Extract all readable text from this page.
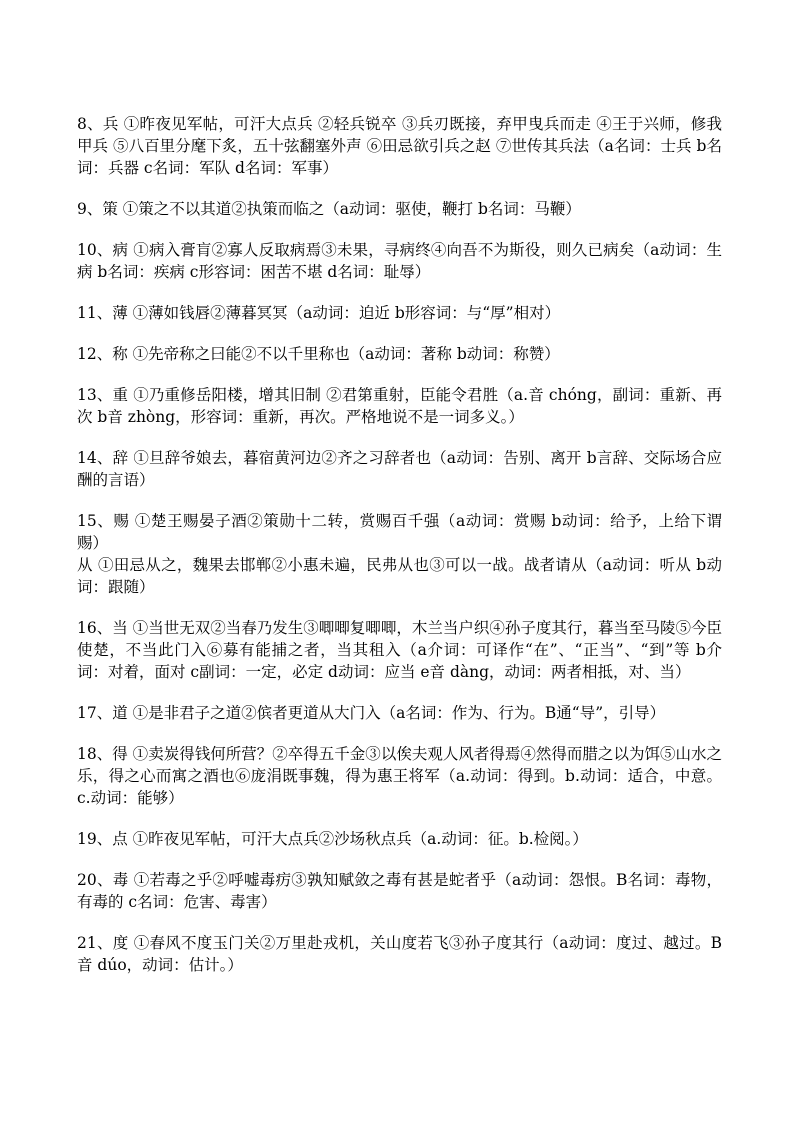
8、兵 ①昨夜见军帖，可汗大点兵 ②轻兵锐卒 ③兵刃既接，弃甲曳兵而走 ④王于兴师，修我甲兵 ⑤八百里分麾下炙，五十弦翻塞外声 ⑥田忌欲引兵之赵 ⑦世传其兵法（a名词：士兵 b名词：兵器 c名词：军队 d名词：军事）

9、策 ①策之不以其道②执策而临之（a动词：驱使，鞭打 b名词：马鞭）

10、病 ①病入膏肓②寡人反取病焉③未果，寻病终④向吾不为斯役，则久已病矣（a动词：生病 b名词：疾病 c形容词：困苦不堪 d名词：耻辱）

11、薄 ①薄如钱唇②薄暮冥冥（a动词：迫近 b形容词：与“厚”相对）

12、称 ①先帝称之曰能②不以千里称也（a动词：著称 b动词：称赞）

13、重 ①乃重修岳阳楼，增其旧制 ②君第重射，臣能令君胜（a.音 chóng，副词：重新、再次 b音 zhòng，形容词：重新，再次。严格地说不是一词多义。）

14、辞 ①旦辞爷娘去，暮宿黄河边②齐之习辞者也（a动词：告别、离开 b言辞、交际场合应酬的言语）

15、赐 ①楚王赐晏子酒②策勋十二转，赏赐百千强（a动词：赏赐 b动词：给予，上给下谓赐）

从 ①田忌从之，魏果去邯郸②小惠未遍，民弗从也③可以一战。战者请从（a动词：听从 b动词：跟随）

16、当 ①当世无双②当春乃发生③唧唧复唧唧，木兰当户织④孙子度其行，暮当至马陵⑤今臣使楚，不当此门入⑥募有能捕之者，当其租入（a介词：可译作“在”、“正当”、“到”等 b介词：对着，面对 c副词：一定，必定 d动词：应当 e音 dàng，动词：两者相抵，对、当）

17、道 ①是非君子之道②傧者更道从大门入（a名词：作为、行为。B通“导”，引导）

18、得 ①卖炭得钱何所营？②卒得五千金③以俟夫观人风者得焉④然得而腊之以为饵⑤山水之乐，得之心而寓之酒也⑥庞涓既事魏，得为惠王将军（a.动词：得到。b.动词：适合，中意。c.动词：能够）

19、点 ①昨夜见军帖，可汗大点兵②沙场秋点兵（a.动词：征。b.检阅。）

20、毒 ①若毒之乎②呼嘘毒疠③孰知赋敛之毒有甚是蛇者乎（a动词：怨恨。B名词：毒物，有毒的 c名词：危害、毒害）

21、度 ①春风不度玉门关②万里赴戎机，关山度若飞③孙子度其行（a动词：度过、越过。B音 dúo，动词：估计。）
